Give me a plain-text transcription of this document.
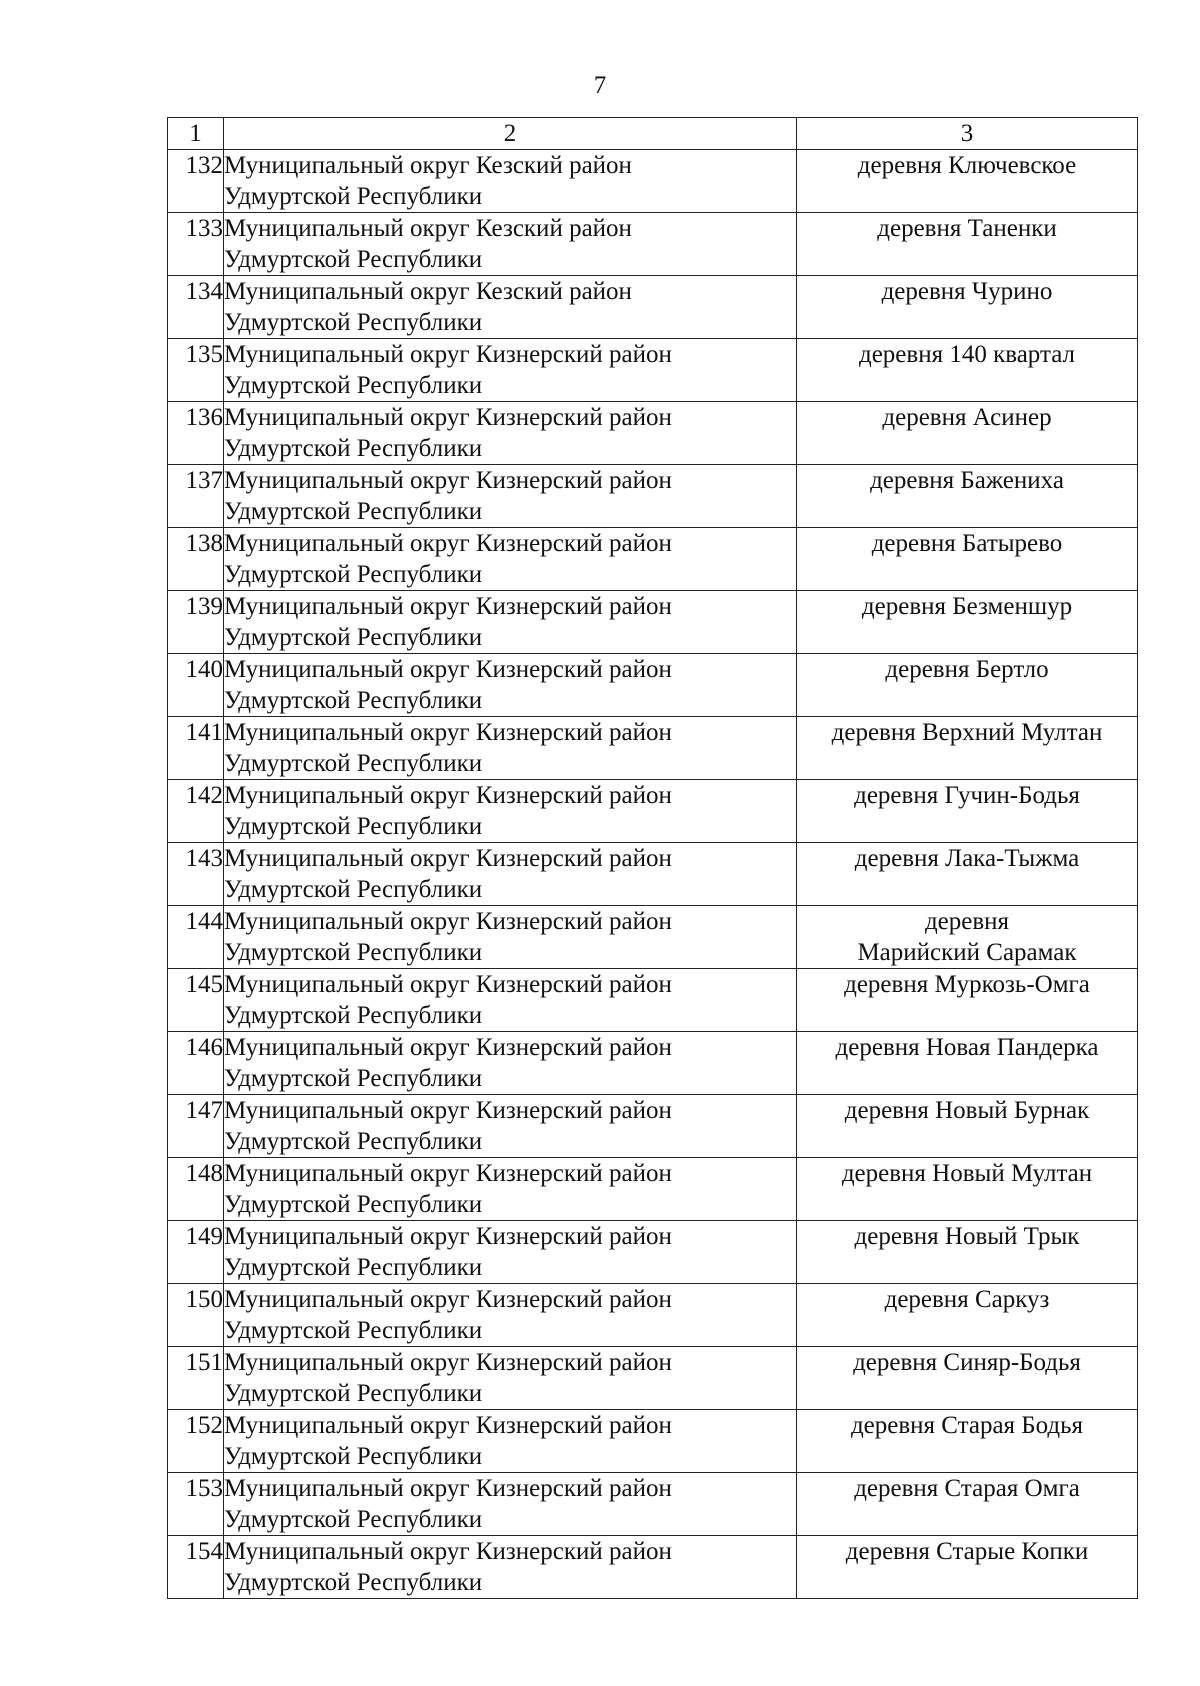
7
1	2	3
132	Муниципальный округ Кезский район
Удмуртской Республики	деревня Ключевское

133	Муниципальный округ Кезский район
Удмуртской Республики	деревня Таненки

134	Муниципальный округ Кезский район
Удмуртской Республики	деревня Чурино

135	Муниципальный округ Кизнерский район
Удмуртской Республики	деревня 140 квартал

136	Муниципальный округ Кизнерский район
Удмуртской Республики	деревня Асинер

137	Муниципальный округ Кизнерский район
Удмуртской Республики	деревня Бажениха

138	Муниципальный округ Кизнерский район
Удмуртской Республики	деревня Батырево

139	Муниципальный округ Кизнерский район
Удмуртской Республики	деревня Безменшур

140	Муниципальный округ Кизнерский район
Удмуртской Республики	деревня Бертло

141	Муниципальный округ Кизнерский район
Удмуртской Республики	деревня Верхний Мултан

142	Муниципальный округ Кизнерский район
Удмуртской Республики	деревня Гучин-Бодья

143	Муниципальный округ Кизнерский район
Удмуртской Республики	деревня Лака-Тыжма

144	Муниципальный округ Кизнерский район
Удмуртской Республики	деревня
Марийский Сарамак

145	Муниципальный округ Кизнерский район
Удмуртской Республики	деревня Мyркозь-Омга

146	Муниципальный округ Кизнерский район
Удмуртской Республики	деревня Новая Пандерка

147	Муниципальный округ Кизнерский район
Удмуртской Республики	деревня Новый Бурнак

148	Муниципальный округ Кизнерский район
Удмуртской Республики	деревня Новый Мултан

149	Муниципальный округ Кизнерский район
Удмуртской Республики	деревня Новый Трык

150	Муниципальный округ Кизнерский район
Удмуртской Республики	деревня Саркуз

151	Муниципальный округ Кизнерский район
Удмуртской Республики	деревня Синяр-Бодья

152	Муниципальный округ Кизнерский район
Удмуртской Республики	деревня Старая Бодья

153	Муниципальный округ Кизнерский район
Удмуртской Республики	деревня Старая Омга

154	Муниципальный округ Кизнерский район
Удмуртской Республики	деревня Старые Копки
